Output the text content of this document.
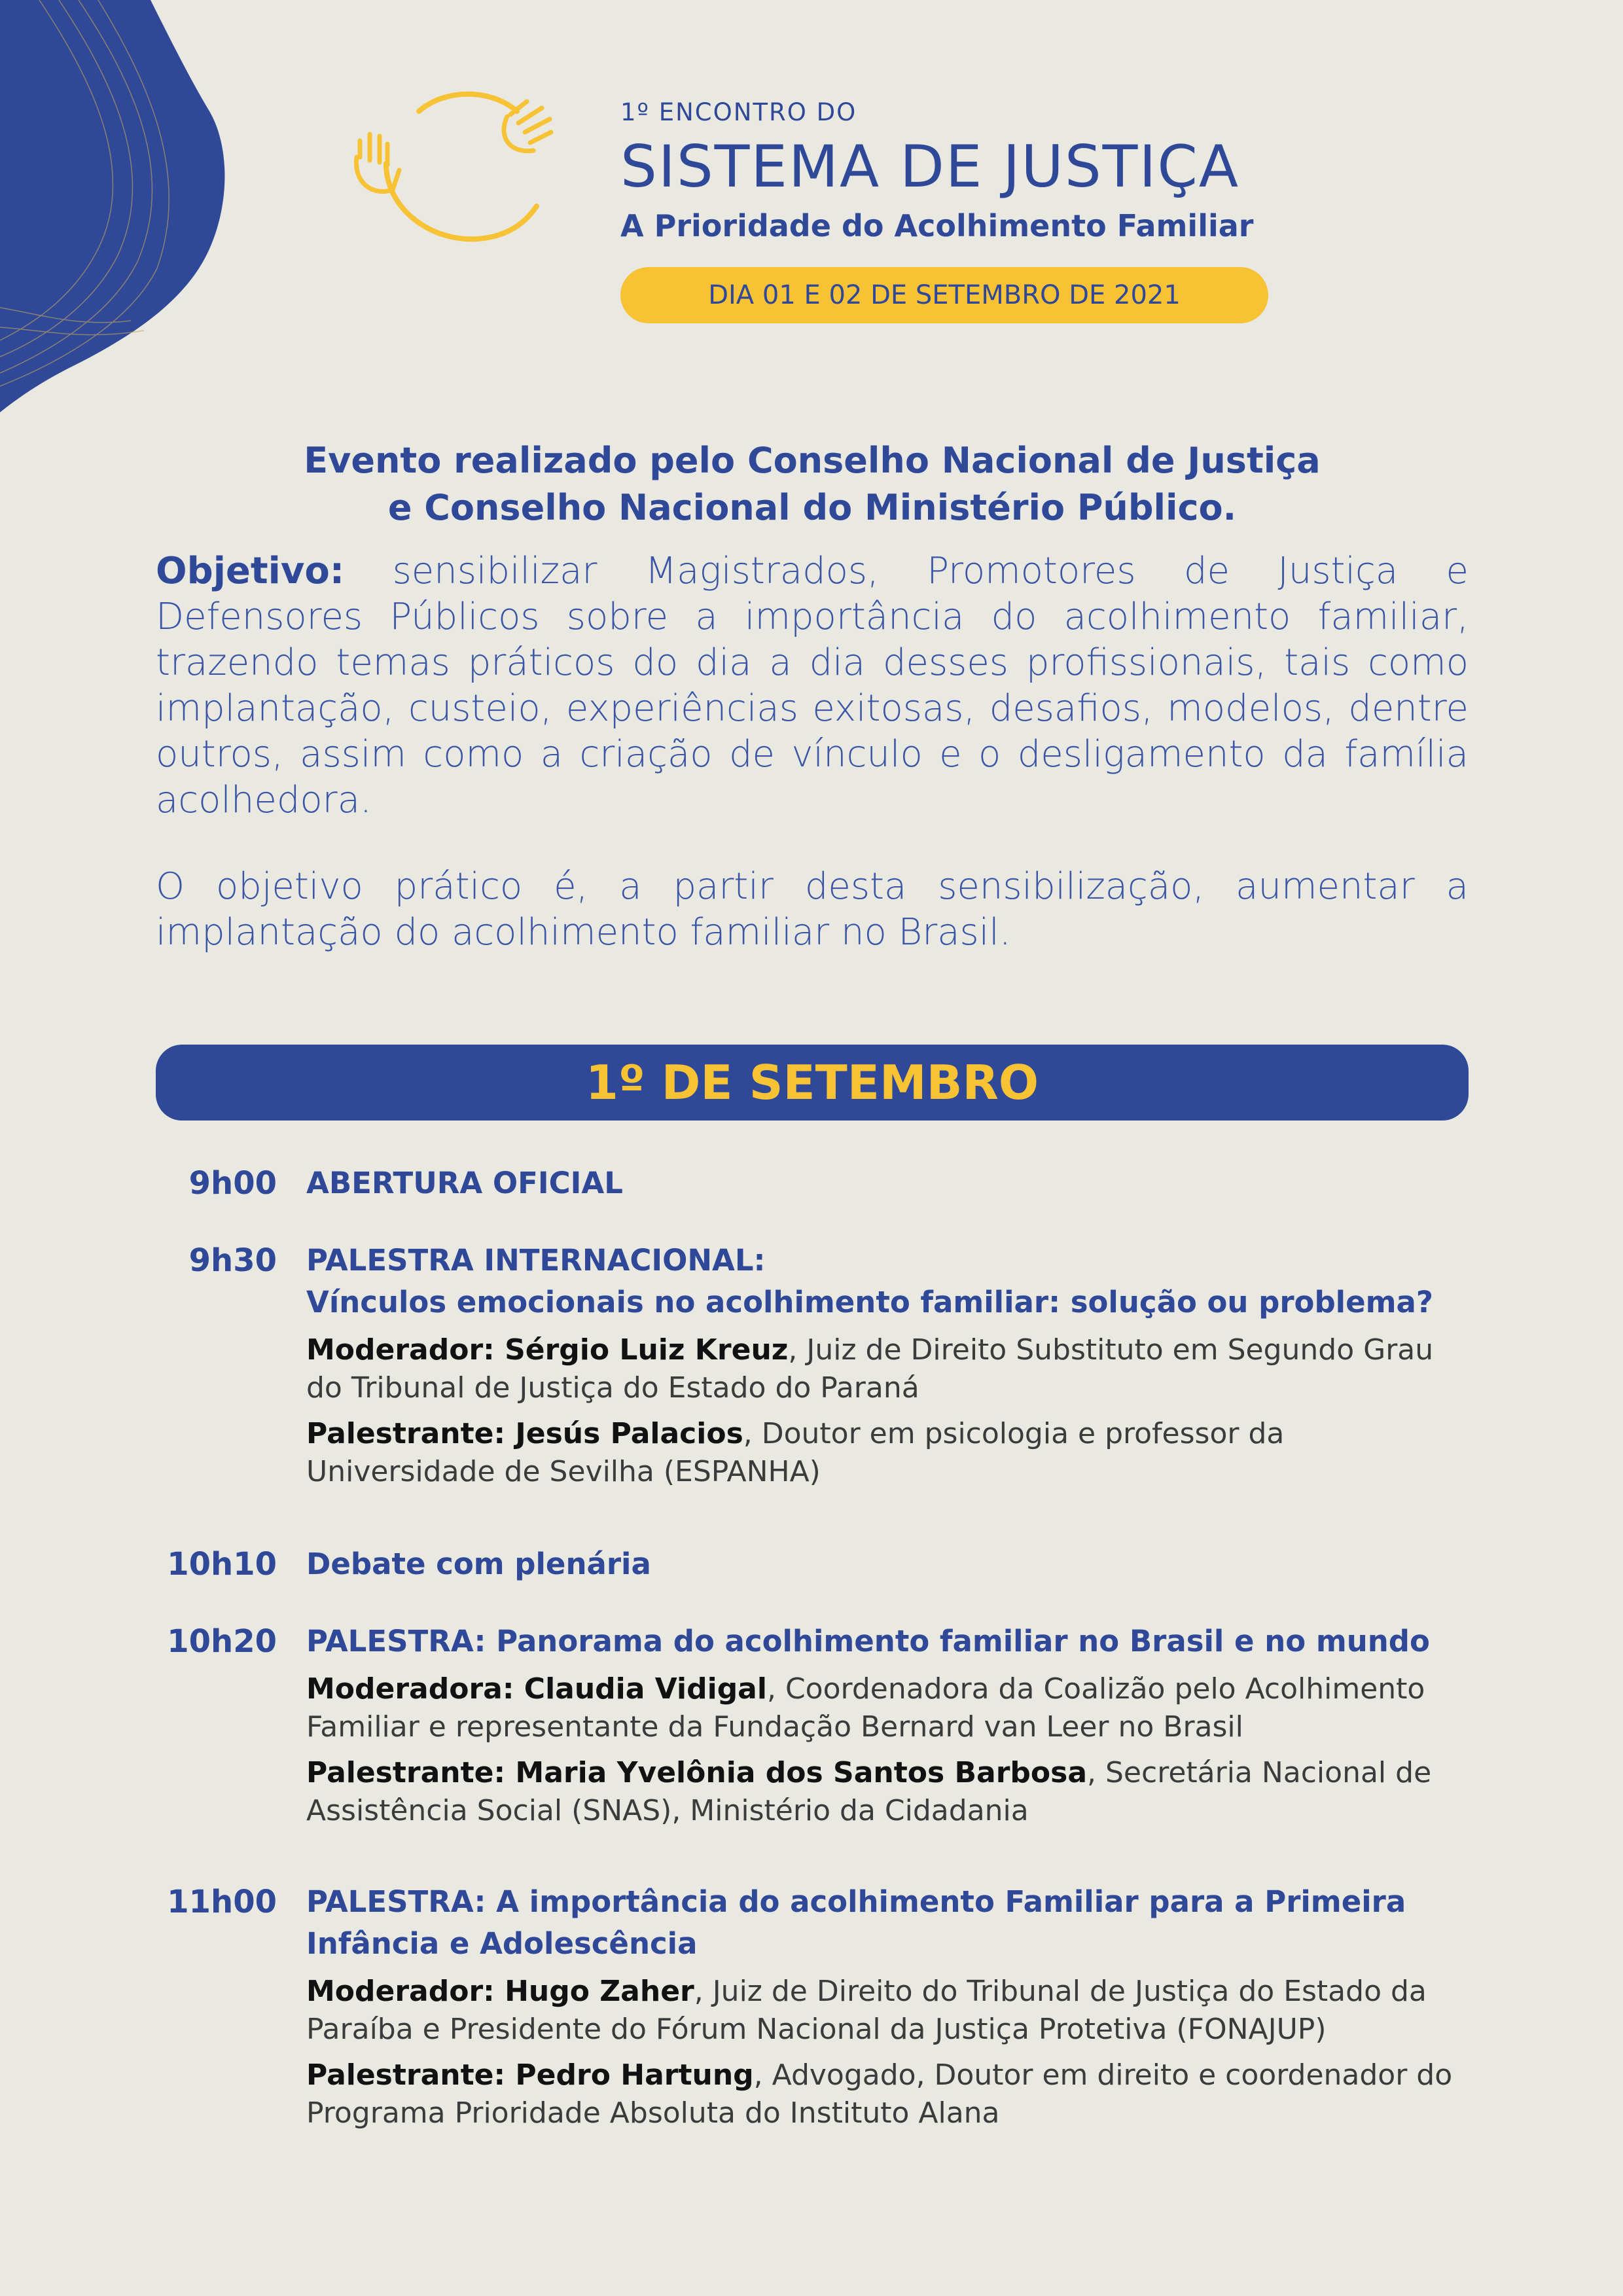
1º ENCONTRO DO
SISTEMA DE JUSTIÇA
A Prioridade do Acolhimento Familiar
DIA 01 E 02 DE SETEMBRO DE 2021
Evento realizado pelo Conselho Nacional de Justiça
e Conselho Nacional do Ministério Público.
Objetivo: sensibilizar Magistrados, Promotores de Justiça e Defensores Públicos sobre a importância do acolhimento familiar, trazendo temas práticos do dia a dia desses profissionais, tais como implantação, custeio, experiências exitosas, desafios, modelos, dentre outros, assim como a criação de vínculo e o desligamento da família acolhedora.
O objetivo prático é, a partir desta sensibilização, aumentar a implantação do acolhimento familiar no Brasil.
1º DE SETEMBRO
9h00 ABERTURA OFICIAL
9h30 PALESTRA INTERNACIONAL:
Vínculos emocionais no acolhimento familiar: solução ou problema?
Moderador: Sérgio Luiz Kreuz, Juiz de Direito Substituto em Segundo Grau do Tribunal de Justiça do Estado do Paraná
Palestrante: Jesús Palacios, Doutor em psicologia e professor da Universidade de Sevilha (ESPANHA)
10h10 Debate com plenária
10h20 PALESTRA: Panorama do acolhimento familiar no Brasil e no mundo
Moderadora: Claudia Vidigal, Coordenadora da Coalizão pelo Acolhimento Familiar e representante da Fundação Bernard van Leer no Brasil
Palestrante: Maria Yvelônia dos Santos Barbosa, Secretária Nacional de Assistência Social (SNAS), Ministério da Cidadania
11h00 PALESTRA: A importância do acolhimento Familiar para a Primeira Infância e Adolescência
Moderador: Hugo Zaher, Juiz de Direito do Tribunal de Justiça do Estado da Paraíba e Presidente do Fórum Nacional da Justiça Protetiva (FONAJUP)
Palestrante: Pedro Hartung, Advogado, Doutor em direito e coordenador do Programa Prioridade Absoluta do Instituto Alana
